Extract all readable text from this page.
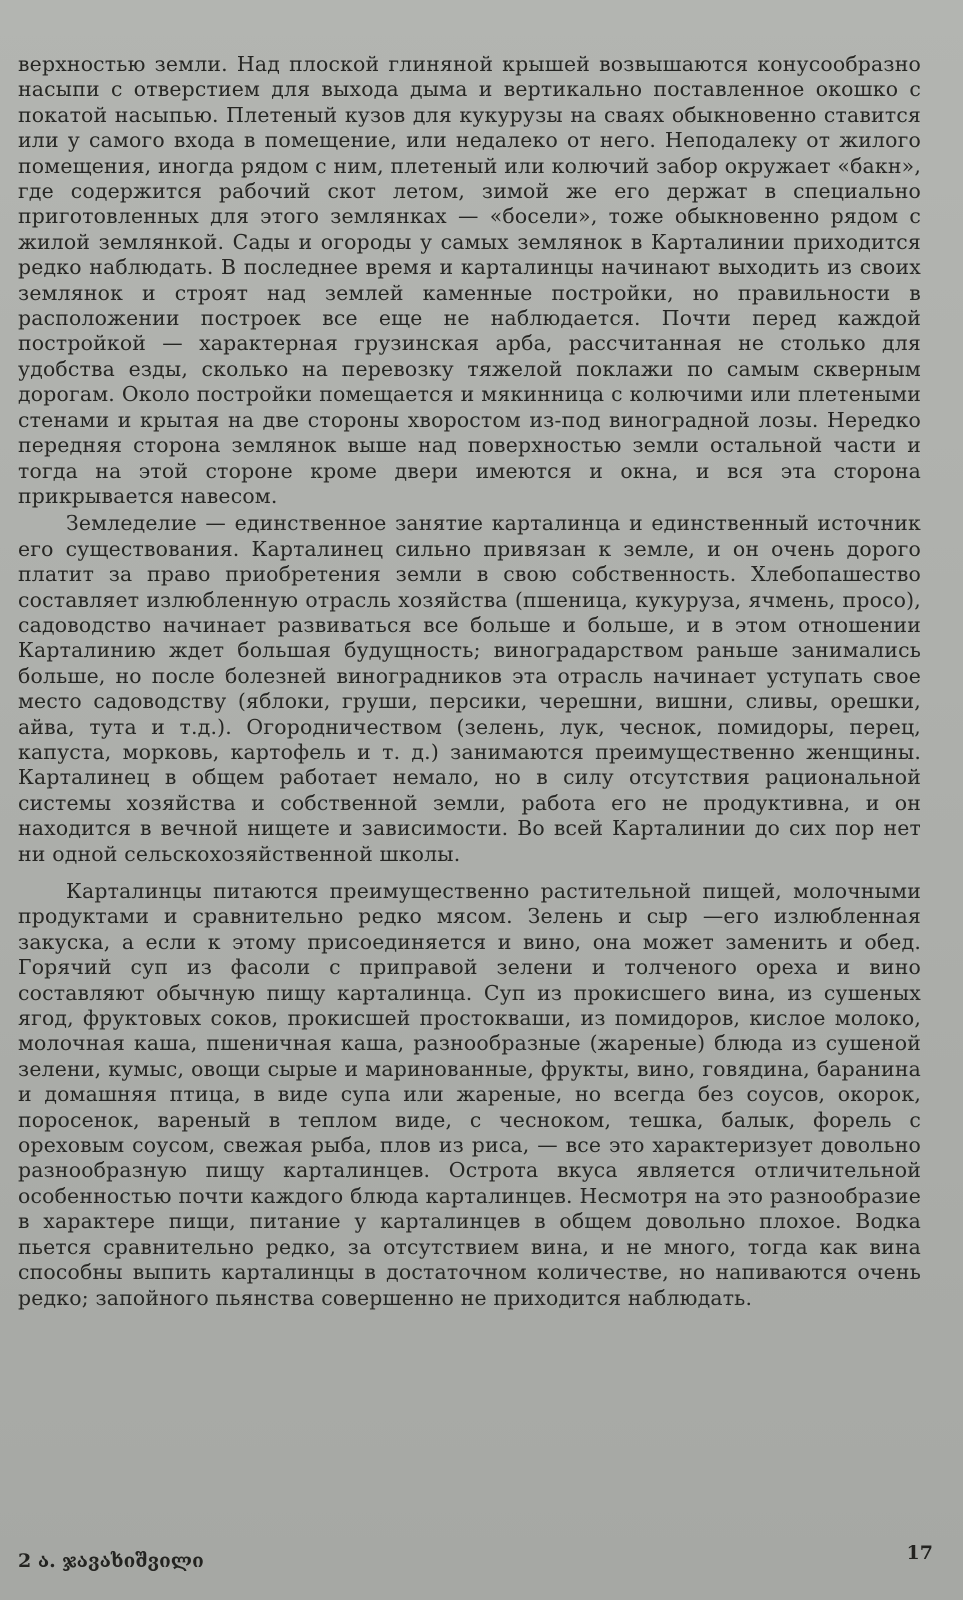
верхностью земли. Над плоской глиняной крышей возвышаются конусообразно насыпи с отверстием для выхода дыма и вертикально поставленное окошко с покатой насыпью. Плетеный кузов для кукурузы на сваях обыкновенно ставится или у самого входа в помещение, или недалеко от него. Неподалеку от жилого помещения, иногда рядом с ним, плетеный или колючий забор окружает «бакн», где содержится рабочий скот летом, зимой же его держат в специально приготовленных для этого землянках — «босели», тоже обыкновенно рядом с жилой землянкой. Сады и огороды у самых землянок в Карталинии приходится редко наблюдать. В последнее время и карталинцы начинают выходить из своих землянок и строят над землей каменные постройки, но правильности в расположении построек все еще не наблюдается. Почти перед каждой постройкой — характерная грузинская арба, рассчитанная не столько для удобства езды, сколько на перевозку тяжелой поклажи по самым скверным дорогам. Около постройки помещается и мякинница с колючими или плетеными стенами и крытая на две стороны хворостом из-под виноградной лозы. Нередко передняя сторона землянок выше над поверхностью земли остальной части и тогда на этой стороне кроме двери имеются и окна, и вся эта сторона прикрывается навесом.

Земледелие — единственное занятие карталинца и единственный источник его существования. Карталинец сильно привязан к земле, и он очень дорого платит за право приобретения земли в свою собственность. Хлебопашество составляет излюбленную отрасль хозяйства (пшеница, кукуруза, ячмень, просо), садоводство начинает развиваться все больше и больше, и в этом отношении Карталинию ждет большая будущность; виноградарством раньше занимались больше, но после болезней виноградников эта отрасль начинает уступать свое место садоводству (яблоки, груши, персики, черешни, вишни, сливы, орешки, айва, тута и т.д.). Огородничеством (зелень, лук, чеснок, помидоры, перец, капуста, морковь, картофель и т. д.) занимаются преимущественно женщины. Карталинец в общем работает немало, но в силу отсутствия рациональной системы хозяйства и собственной земли, работа его не продуктивна, и он находится в вечной нищете и зависимости. Во всей Карталинии до сих пор нет ни одной сельскохозяйственной школы.

Карталинцы питаются преимущественно растительной пищей, молочными продуктами и сравнительно редко мясом. Зелень и сыр —его излюбленная закуска, а если к этому присоединяется и вино, она может заменить и обед. Горячий суп из фасоли с приправой зелени и толченого ореха и вино составляют обычную пищу карталинца. Суп из прокисшего вина, из сушеных ягод, фруктовых соков, прокисшей простокваши, из помидоров, кислое молоко, молочная каша, пшеничная каша, разнообразные (жареные) блюда из сушеной зелени, кумыс, овощи сырые и маринованные, фрукты, вино, говядина, баранина и домашняя птица, в виде супа или жареные, но всегда без соусов, окорок, поросенок, вареный в теплом виде, с чесноком, тешка, балык, форель с ореховым соусом, свежая рыба, плов из риса, — все это характеризует довольно разнообразную пищу карталинцев. Острота вкуса является отличительной особенностью почти каждого блюда карталинцев. Несмотря на это разнообразие в характере пищи, питание у карталинцев в общем довольно плохое. Водка пьется сравнительно редко, за отсутствием вина, и не много, тогда как вина способны выпить карталинцы в достаточном количестве, но напиваются очень редко; запойного пьянства совершенно не приходится наблюдать.

2 ა. ჯავახიშვილი	17
